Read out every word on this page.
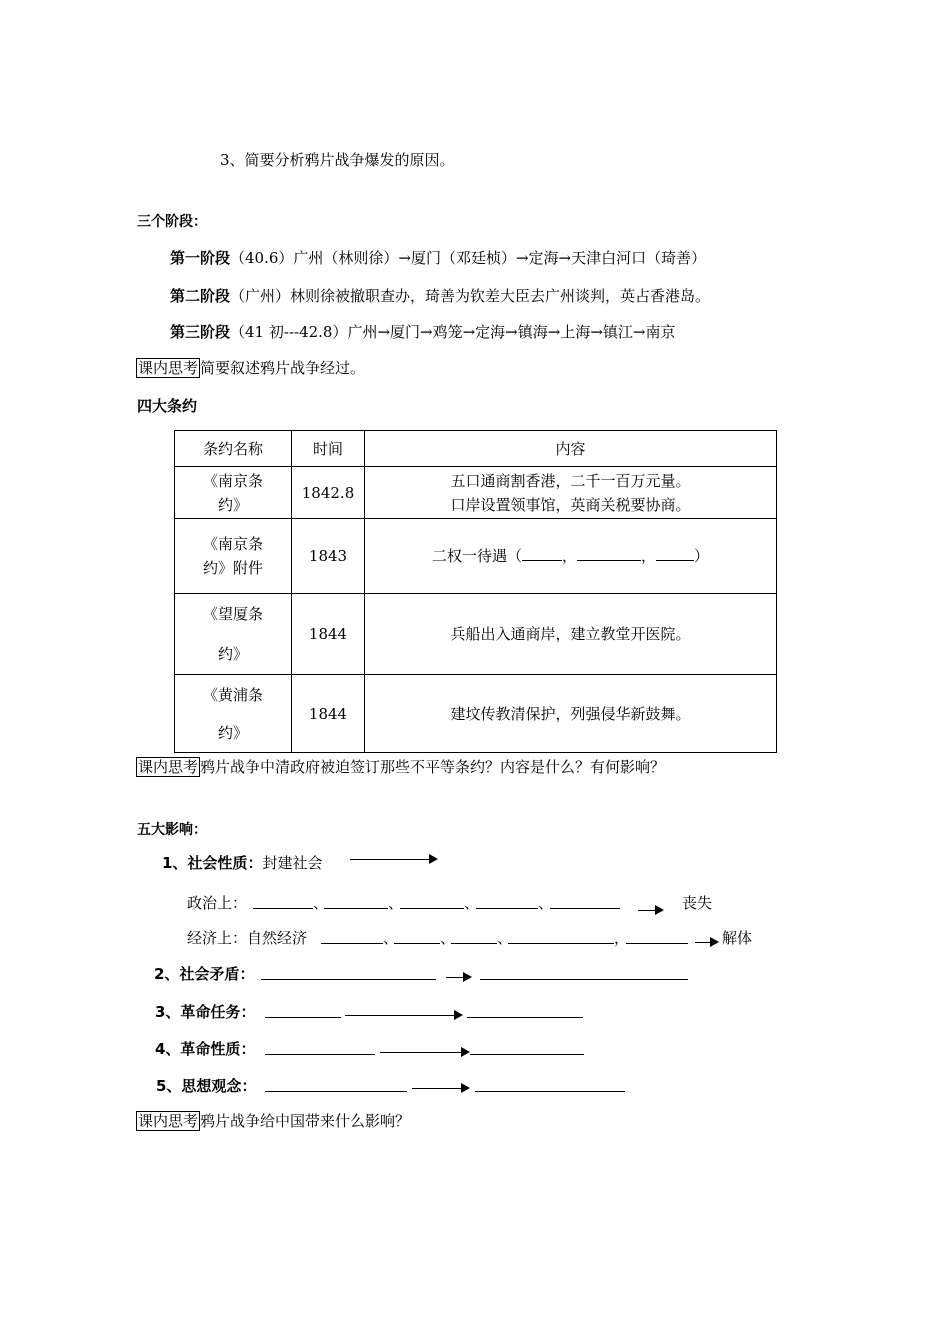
3、简要分析鸦片战争爆发的原因。
三个阶段：
第一阶段（40.6）广州（林则徐）→厦门（邓廷桢）→定海→天津白河口（琦善）
第二阶段（广州）林则徐被撤职查办，琦善为钦差大臣去广州谈判，英占香港岛。
第三阶段（41 初---42.8）广州→厦门→鸡笼→定海→镇海→上海→镇江→南京
课内思考 简要叙述鸦片战争经过。
四大条约
条约名称	时间	内容

《南京条约》	1842.8	五口通商割香港，二千一百万元量。
口岸设置领事馆，英商关税要协商。

《南京条约》附件	1843	二权一待遇（ ， ， ）

《望厦条约》	1844	兵船出入通商岸，建立教堂开医院。

《黄浦条约》	1844	建坟传教清保护，列强侵华新鼓舞。
课内思考 鸦片战争中清政府被迫签订那些不平等条约？内容是什么？有何影响？
五大影响：
1、社会性质：封建社会
政治上：	、	、	、	、	丧失
经济上：自然经济	、	、	、	，	解体
2、社会矛盾：
3、革命任务：
4、革命性质：
5、思想观念：
课内思考 鸦片战争给中国带来什么影响？
